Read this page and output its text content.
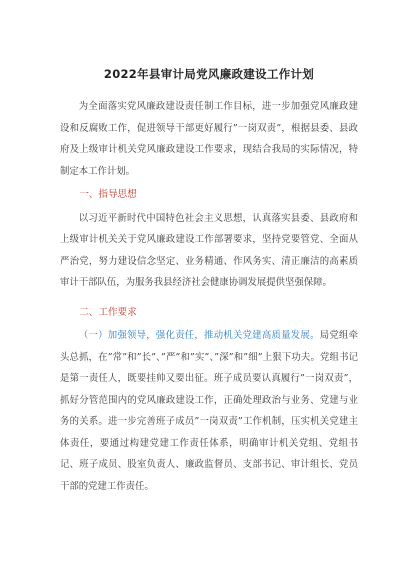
2022年县审计局党风廉政建设工作计划

为全面落实党风廉政建设责任制工作目标，进一步加强党风廉政建设和反腐败工作，促进领导干部更好履行”一岗双责”，根据县委、县政府及上级审计机关党风廉政建设工作要求，现结合我局的实际情况，特制定本工作计划。

一、指导思想

以习近平新时代中国特色社会主义思想，认真落实县委、县政府和上级审计机关关于党风廉政建设工作部署要求，坚持党要管党、全面从严治党，努力建设信念坚定、业务精通、作风务实、清正廉洁的高素质审计干部队伍，为服务我县经济社会健康协调发展提供坚强保障。

二、工作要求

（一）加强领导，强化责任，推动机关党建高质量发展。局党组牵头总抓，在”常”和”长”、”严”和”实”、”深”和”细”上狠下功夫。党组书记是第一责任人，既要挂帅又要出征。班子成员要认真履行”一岗双责”，抓好分管范围内的党风廉政建设工作，正确处理政治与业务、党建与业务的关系。进一步完善班子成员”一岗双责”工作机制，压实机关党建主体责任，要通过构建党建工作责任体系，明确审计机关党组、党组书记、班子成员、股室负责人、廉政监督员、支部书记、审计组长、党员干部的党建工作责任。
